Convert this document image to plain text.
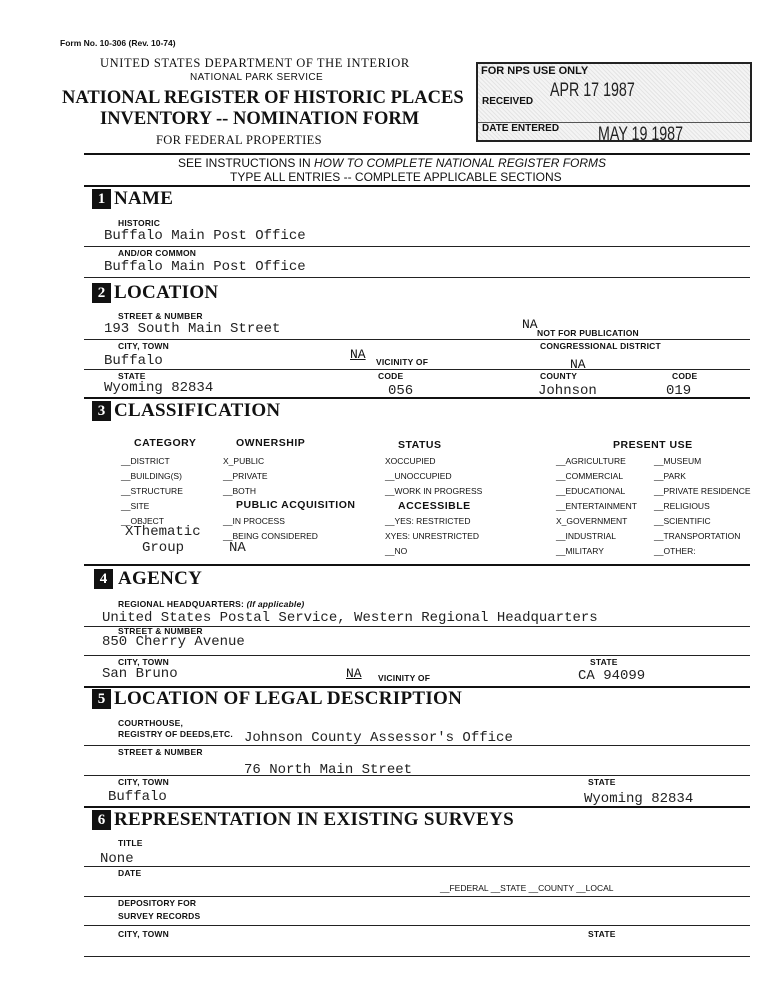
Form No. 10-306 (Rev. 10-74)
UNITED STATES DEPARTMENT OF THE INTERIOR
NATIONAL PARK SERVICE
NATIONAL REGISTER OF HISTORIC PLACES
INVENTORY -- NOMINATION FORM
FOR FEDERAL PROPERTIES
FOR NPS USE ONLY
RECEIVED
APR 17 1987
DATE ENTERED MAY 19 1987
SEE INSTRUCTIONS IN HOW TO COMPLETE NATIONAL REGISTER FORMS
TYPE ALL ENTRIES -- COMPLETE APPLICABLE SECTIONS
1 NAME
HISTORIC
Buffalo Main Post Office
AND/OR COMMON
Buffalo Main Post Office
2 LOCATION
STREET & NUMBER
193 South Main Street	NA
NOT FOR PUBLICATION
CITY, TOWN	CONGRESSIONAL DISTRICT
Buffalo	NA VICINITY OF	NA
STATE	CODE	COUNTY	CODE
Wyoming 82834	056	Johnson	019
3 CLASSIFICATION
CATEGORY
__DISTRICT
__BUILDING(S)
__STRUCTURE
__SITE
__OBJECT
XThematic
Group
OWNERSHIP
X_PUBLIC
__PRIVATE
__BOTH
PUBLIC ACQUISITION
__IN PROCESS
__BEING CONSIDERED
NA
STATUS
XOCCUPIED
__UNOCCUPIED
__WORK IN PROGRESS
ACCESSIBLE
__YES: RESTRICTED
XYES: UNRESTRICTED
__NO
PRESENT USE
__AGRICULTURE
__COMMERCIAL
__EDUCATIONAL
__ENTERTAINMENT
X_GOVERNMENT
__INDUSTRIAL
__MILITARY
__MUSEUM
__PARK
__PRIVATE RESIDENCE
__RELIGIOUS
__SCIENTIFIC
__TRANSPORTATION
__OTHER:
4 AGENCY
REGIONAL HEADQUARTERS: (If applicable)
United States Postal Service, Western Regional Headquarters
STREET & NUMBER
850 Cherry Avenue
CITY, TOWN	STATE
San Bruno	NA VICINITY OF	CA 94099
5 LOCATION OF LEGAL DESCRIPTION
COURTHOUSE,
REGISTRY OF DEEDS,ETC. Johnson County Assessor's Office
STREET & NUMBER
76 North Main Street
CITY, TOWN	STATE
Buffalo	Wyoming 82834
6 REPRESENTATION IN EXISTING SURVEYS
TITLE
None
DATE
__FEDERAL __STATE __COUNTY __LOCAL
DEPOSITORY FOR
SURVEY RECORDS
CITY, TOWN	STATE
